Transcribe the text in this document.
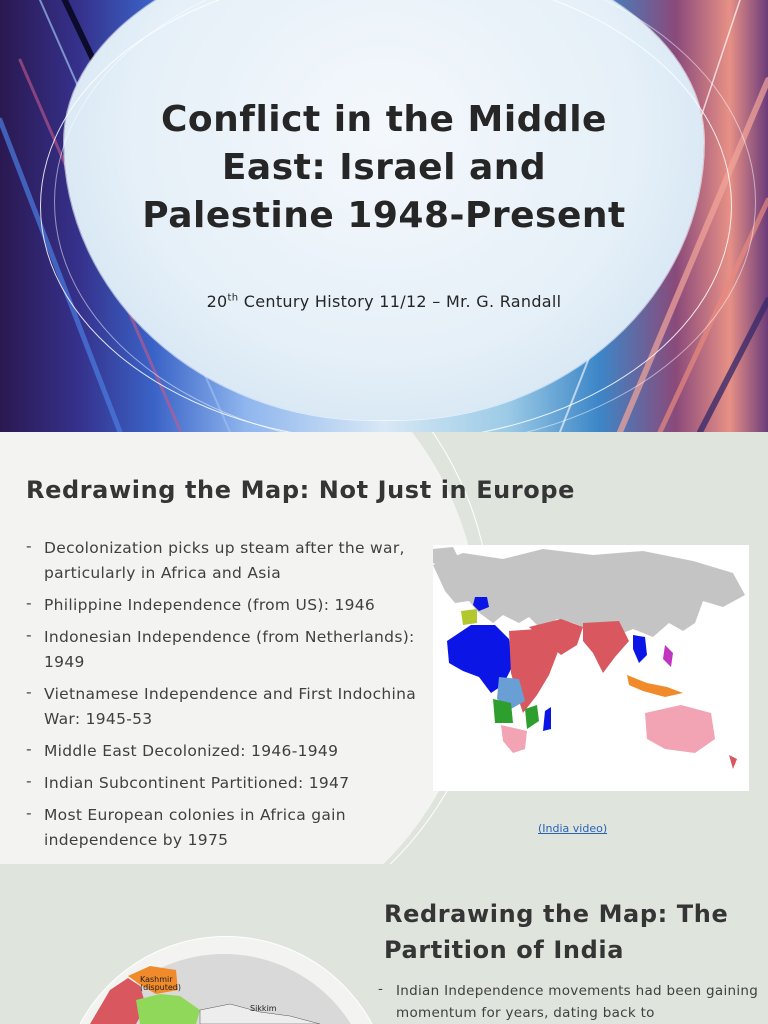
Conflict in the Middle East: Israel and Palestine 1948-Present
20th Century History 11/12 – Mr. G. Randall
Redrawing the Map: Not Just in Europe
- Decolonization picks up steam after the war, particularly in Africa and Asia
- Philippine Independence (from US): 1946
- Indonesian Independence (from Netherlands): 1949
- Vietnamese Independence and First Indochina War: 1945-53
- Middle East Decolonized: 1946-1949
- Indian Subcontinent Partitioned: 1947
- Most European colonies in Africa gain independence by 1975
(India video)
Kashmir (disputed)
Sikkim
Redrawing the Map: The Partition of India
- Indian Independence movements had been gaining momentum for years, dating back to
